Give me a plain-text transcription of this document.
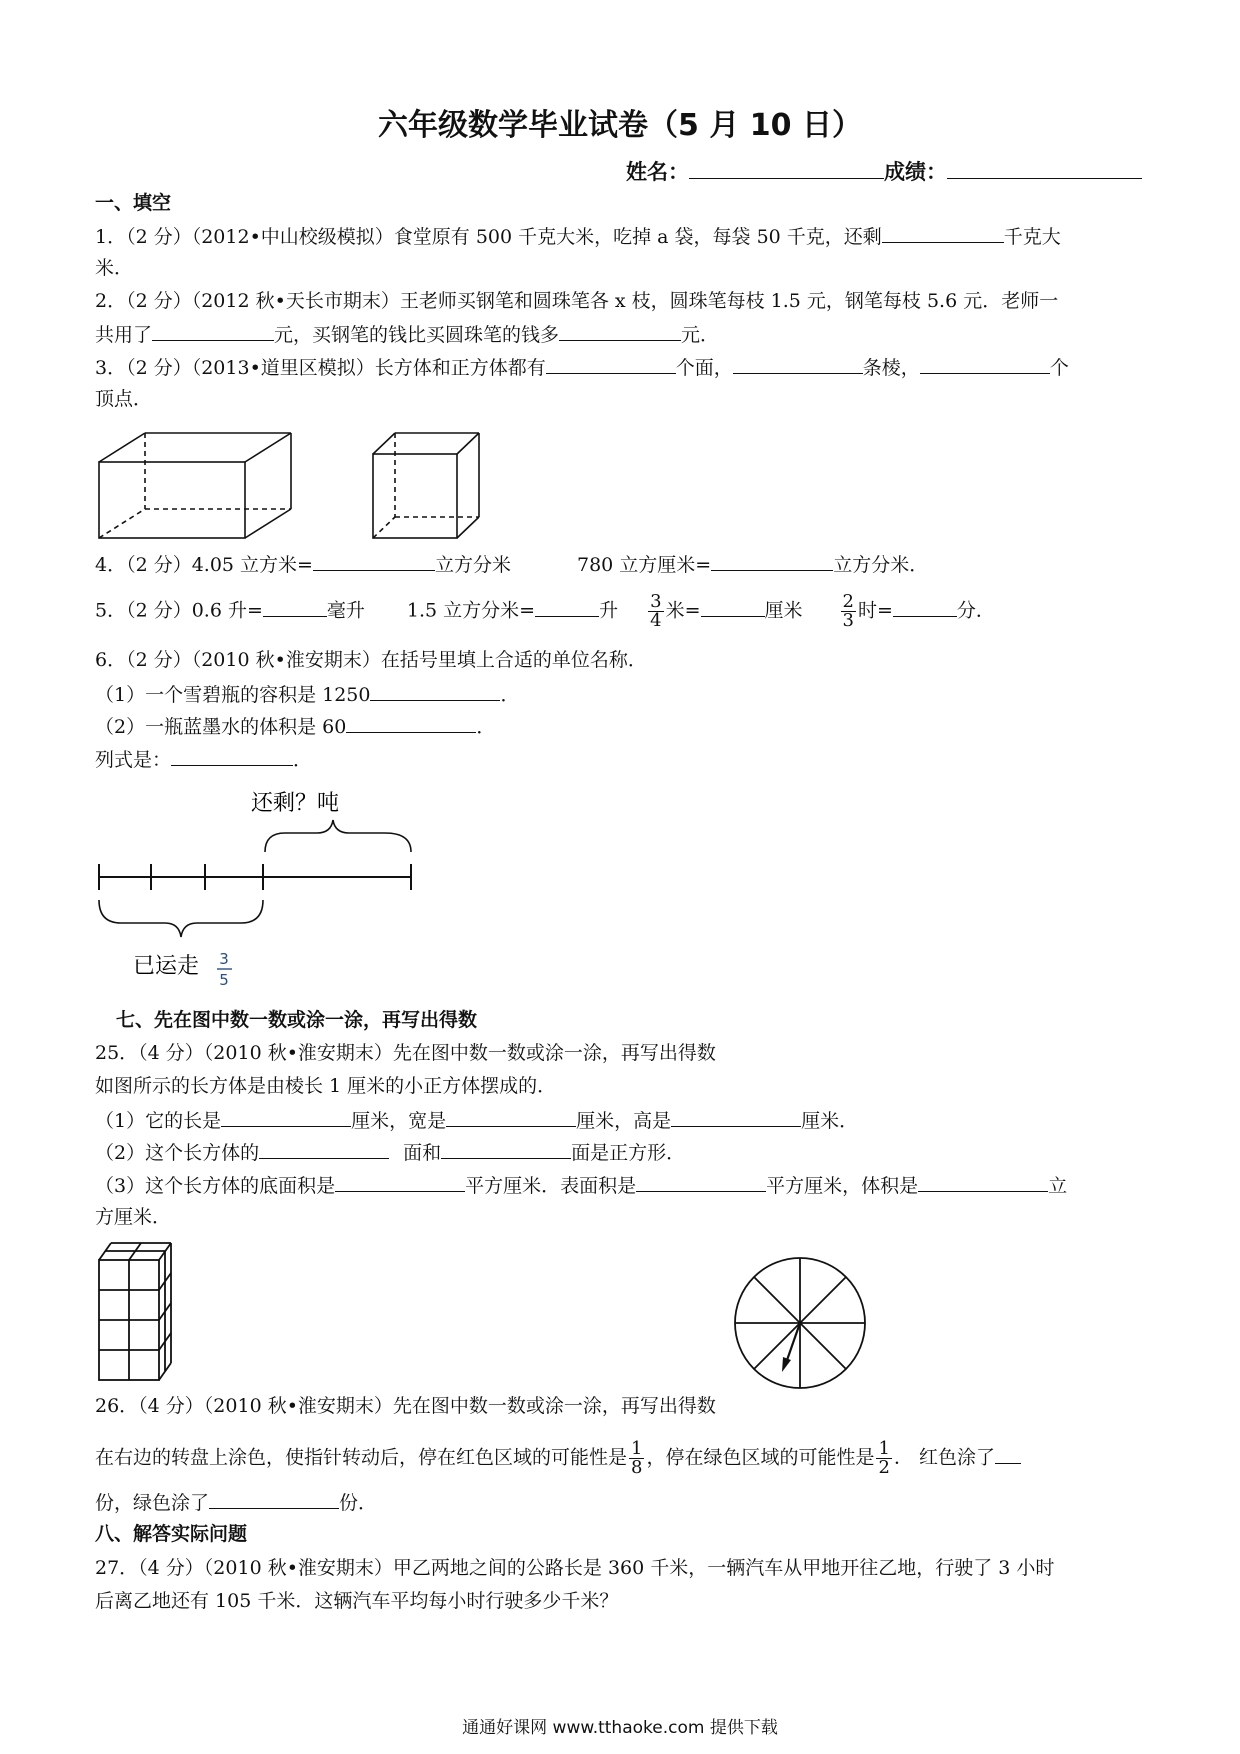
六年级数学毕业试卷（5 月 10 日）
姓名：	成绩：
一、填空
1．（2 分）（2012•中山校级模拟）食堂原有 500 千克大米，吃掉 a 袋，每袋 50 千克，还剩	千克大
米．
2．（2 分）（2012 秋•天长市期末）王老师买钢笔和圆珠笔各 x 枝，圆珠笔每枝 1.5 元，钢笔每枝 5.6 元．老师一
共用了	元，买钢笔的钱比买圆珠笔的钱多	元．
3．（2 分）（2013•道里区模拟）长方体和正方体都有	个面，	条棱，	个
顶点．
4．（2 分）4.05 立方米=	立方分米	780 立方厘米=	立方分米．
5．（2 分）0.6 升=	毫升 1.5 立方分米=	升 $\frac{3}{4}$ 米=	厘米 $\frac{2}{3}$ 时=	分．
6．（2 分）（2010 秋•淮安期末）在括号里填上合适的单位名称．
（1）一个雪碧瓶的容积是 1250	．
（2）一瓶蓝墨水的体积是 60	．
列式是：	．
还剩？吨
已运走 3
5
七、先在图中数一数或涂一涂，再写出得数
25．（4 分）（2010 秋•淮安期末）先在图中数一数或涂一涂，再写出得数
如图所示的长方体是由棱长 1 厘米的小正方体摆成的．
（1）它的长是	厘米，宽是	厘米，高是	厘米．
（2）这个长方体的	面和	面是正方形．
（3）这个长方体的底面积是	平方厘米．表面积是	平方厘米，体积是	立
方厘米．
26．（4 分）（2010 秋•淮安期末）先在图中数一数或涂一涂，再写出得数
在右边的转盘上涂色，使指针转动后，停在红色区域的可能性是 $\frac{1}{8}$ ，停在绿色区域的可能性是 $\frac{1}{2}$ ． 红色涂了
份，绿色涂了	份．
八、解答实际问题
27．（4 分）（2010 秋•淮安期末）甲乙两地之间的公路长是 360 千米，一辆汽车从甲地开往乙地，行驶了 3 小时
后离乙地还有 105 千米．这辆汽车平均每小时行驶多少千米？
通通好课网 www.tthaoke.com 提供下载
